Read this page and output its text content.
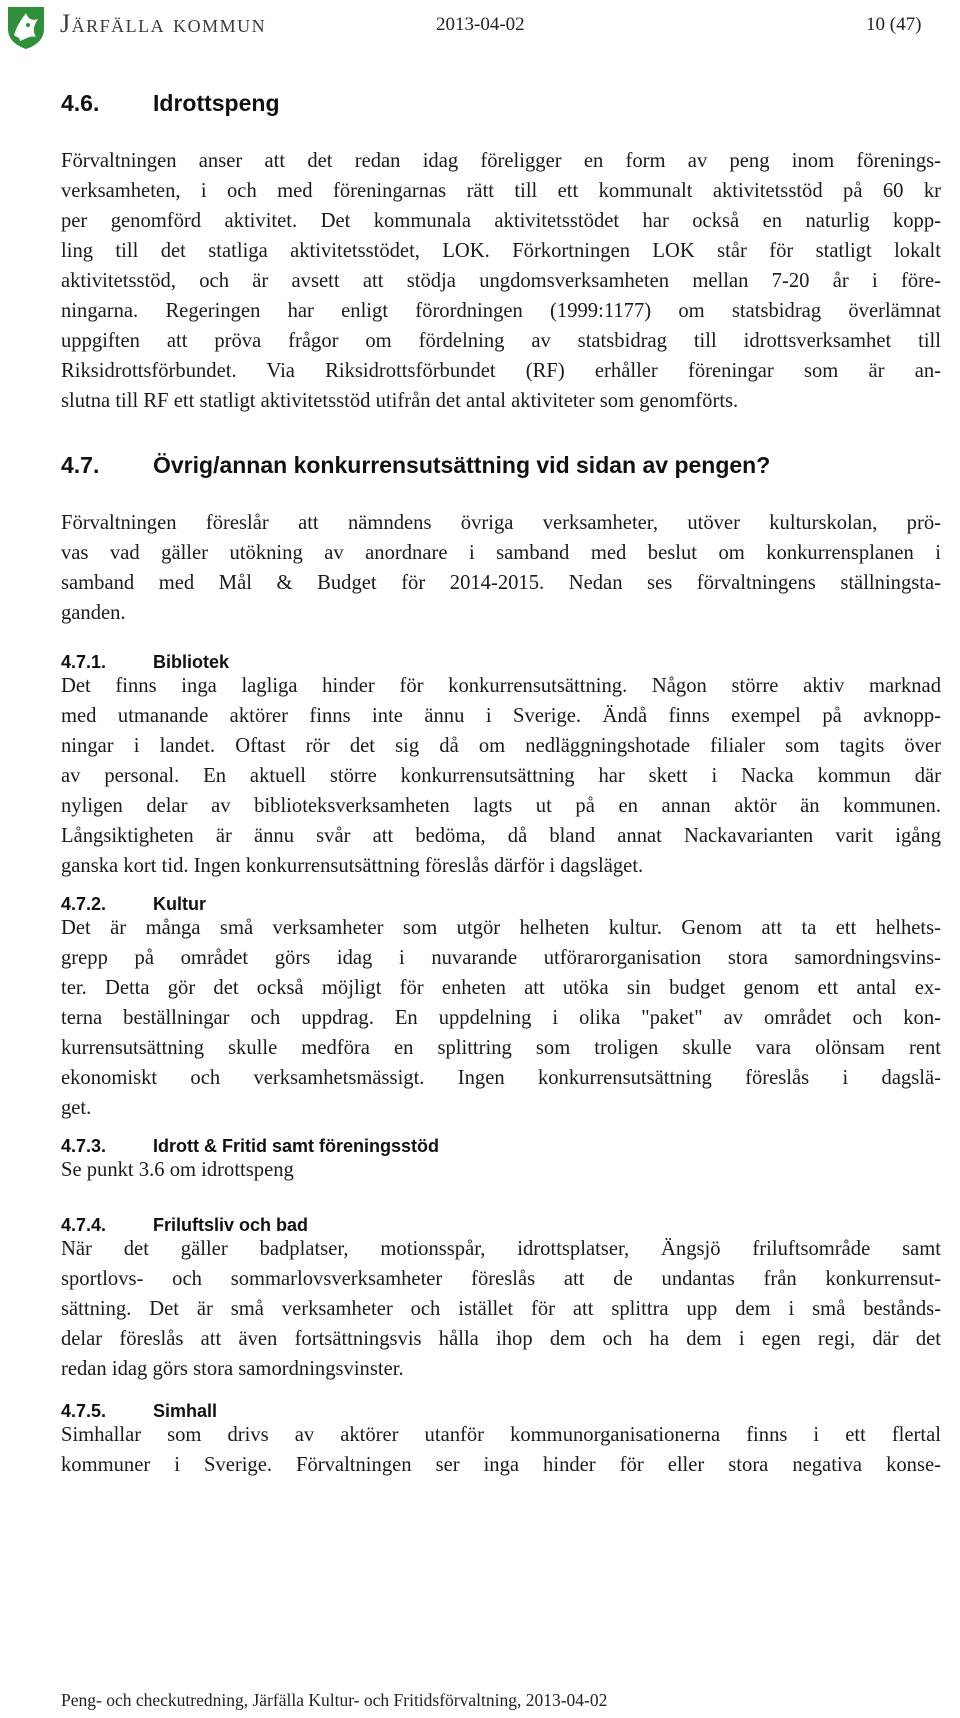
Järfälla kommun	2013-04-02	10 (47)
4.6. Idrottspeng
Förvaltningen anser att det redan idag föreligger en form av peng inom förenings-
verksamheten, i och med föreningarnas rätt till ett kommunalt aktivitetsstöd på 60 kr
per genomförd aktivitet. Det kommunala aktivitetsstödet har också en naturlig kopp-
ling till det statliga aktivitetsstödet, LOK. Förkortningen LOK står för statligt lokalt
aktivitetsstöd, och är avsett att stödja ungdomsverksamheten mellan 7-20 år i före-
ningarna. Regeringen har enligt förordningen (1999:1177) om statsbidrag överlämnat
uppgiften att pröva frågor om fördelning av statsbidrag till idrottsverksamhet till
Riksidrottsförbundet. Via Riksidrottsförbundet (RF) erhåller föreningar som är an-
slutna till RF ett statligt aktivitetsstöd utifrån det antal aktiviteter som genomförts.
4.7. Övrig/annan konkurrensutsättning vid sidan av pengen?
Förvaltningen föreslår att nämndens övriga verksamheter, utöver kulturskolan, prö-
vas vad gäller utökning av anordnare i samband med beslut om konkurrensplanen i
samband med Mål & Budget för 2014-2015. Nedan ses förvaltningens ställningsta-
ganden.
4.7.1.	Bibliotek
Det finns inga lagliga hinder för konkurrensutsättning. Någon större aktiv marknad
med utmanande aktörer finns inte ännu i Sverige. Ändå finns exempel på avknopp-
ningar i landet. Oftast rör det sig då om nedläggningshotade filialer som tagits över
av personal. En aktuell större konkurrensutsättning har skett i Nacka kommun där
nyligen delar av biblioteksverksamheten lagts ut på en annan aktör än kommunen.
Långsiktigheten är ännu svår att bedöma, då bland annat Nackavarianten varit igång
ganska kort tid. Ingen konkurrensutsättning föreslås därför i dagsläget.
4.7.2.	Kultur
Det är många små verksamheter som utgör helheten kultur. Genom att ta ett helhets-
grepp på området görs idag i nuvarande utförarorganisation stora samordningsvins-
ter. Detta gör det också möjligt för enheten att utöka sin budget genom ett antal ex-
terna beställningar och uppdrag. En uppdelning i olika "paket" av området och kon-
kurrensutsättning skulle medföra en splittring som troligen skulle vara olönsam rent
ekonomiskt och verksamhetsmässigt. Ingen konkurrensutsättning föreslås i dagslä-
get.
4.7.3.	Idrott & Fritid samt föreningsstöd
Se punkt 3.6 om idrottspeng
4.7.4.	Friluftsliv och bad
När det gäller badplatser, motionsspår, idrottsplatser, Ängsjö friluftsområde samt
sportlovs- och sommarlovsverksamheter föreslås att de undantas från konkurrensut-
sättning. Det är små verksamheter och istället för att splittra upp dem i små bestånds-
delar föreslås att även fortsättningsvis hålla ihop dem och ha dem i egen regi, där det
redan idag görs stora samordningsvinster.
4.7.5.	Simhall
Simhallar som drivs av aktörer utanför kommunorganisationerna finns i ett flertal
kommuner i Sverige. Förvaltningen ser inga hinder för eller stora negativa konse-
Peng- och checkutredning, Järfälla Kultur- och Fritidsförvaltning, 2013-04-02
